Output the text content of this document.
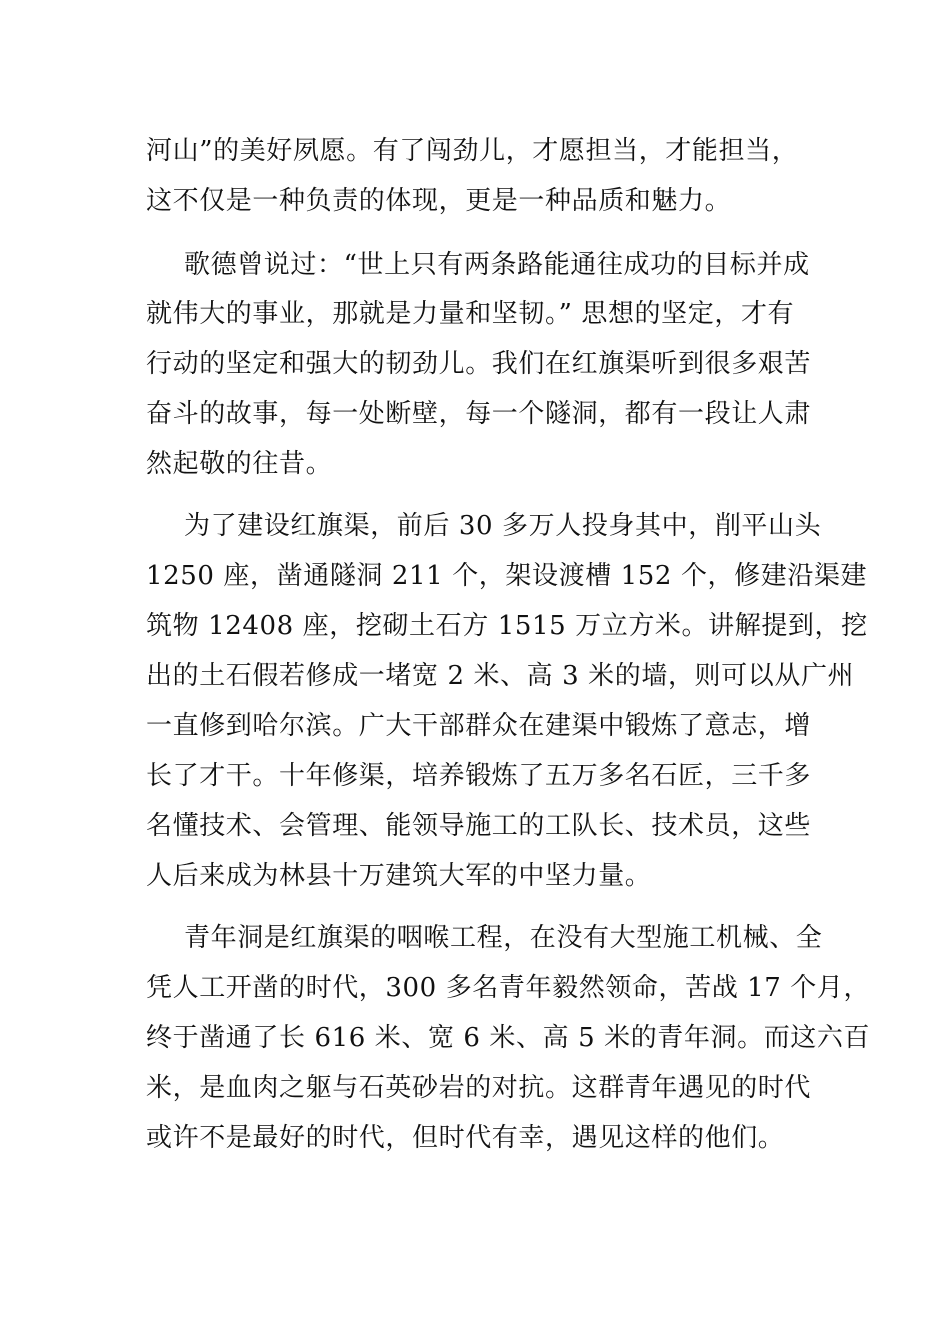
河山”的美好夙愿。有了闯劲儿，才愿担当，才能担当，
这不仅是一种负责的体现，更是一种品质和魅力。
歌德曾说过：“世上只有两条路能通往成功的目标并成
就伟大的事业，那就是力量和坚韧。” 思想的坚定，才有
行动的坚定和强大的韧劲儿。我们在红旗渠听到很多艰苦
奋斗的故事，每一处断壁，每一个隧洞，都有一段让人肃
然起敬的往昔。
为了建设红旗渠，前后 30 多万人投身其中，削平山头
1250 座，凿通隧洞 211 个，架设渡槽 152 个，修建沿渠建
筑物 12408 座，挖砌土石方 1515 万立方米。讲解提到，挖
出的土石假若修成一堵宽 2 米、高 3 米的墙，则可以从广州
一直修到哈尔滨。广大干部群众在建渠中锻炼了意志，增
长了才干。十年修渠，培养锻炼了五万多名石匠，三千多
名懂技术、会管理、能领导施工的工队长、技术员，这些
人后来成为林县十万建筑大军的中坚力量。
青年洞是红旗渠的咽喉工程，在没有大型施工机械、全
凭人工开凿的时代，300 多名青年毅然领命，苦战 17 个月，
终于凿通了长 616 米、宽 6 米、高 5 米的青年洞。而这六百
米，是血肉之躯与石英砂岩的对抗。这群青年遇见的时代
或许不是最好的时代，但时代有幸，遇见这样的他们。
